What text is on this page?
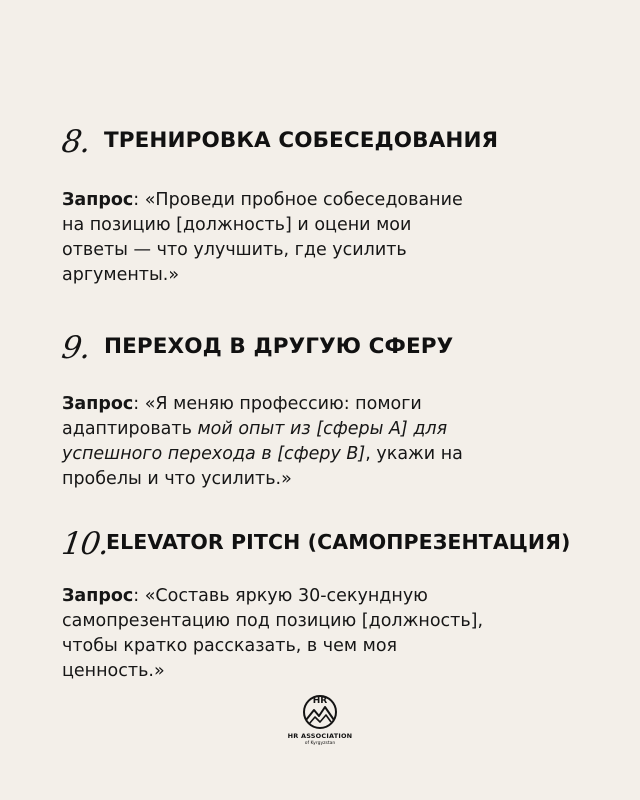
8. ТРЕНИРОВКА СОБЕСЕДОВАНИЯ
Запрос: «Проведи пробное собеседование
на позицию [должность] и оцени мои
ответы — что улучшить, где усилить
аргументы.»
9. ПЕРЕХОД В ДРУГУЮ СФЕРУ
Запрос: «Я меняю профессию: помоги
адаптировать мой опыт из [сферы А] для
успешного перехода в [сферу В], укажи на
пробелы и что усилить.»
10.
ELEVATOR PITCH (САМОПРЕЗЕНТАЦИЯ)
Запрос: «Составь яркую 30-секундную
самопрезентацию под позицию [должность],
чтобы кратко рассказать, в чем моя
ценность.»
HR
HR ASSOCIATION
of Kyrgyzstan
